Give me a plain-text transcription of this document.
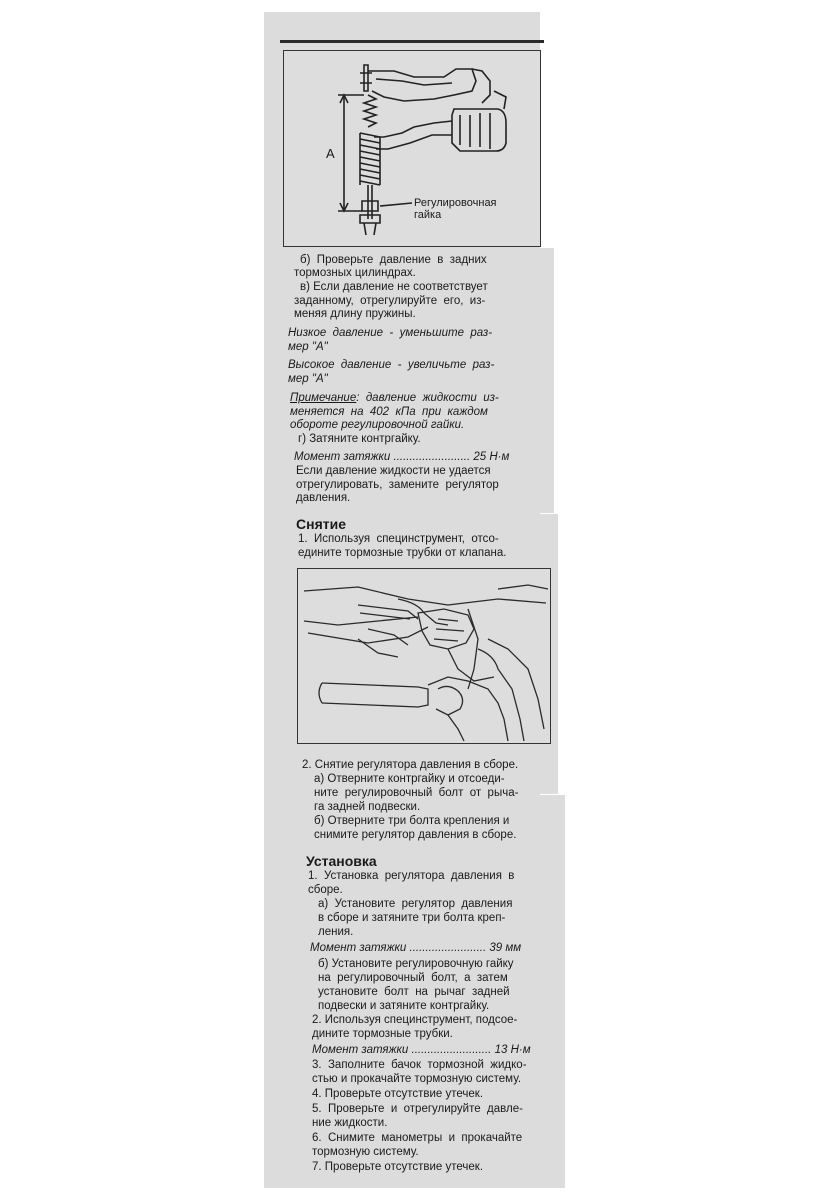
A
Регулировочная
гайка
б)  Проверьте  давление  в  задних
тормозных цилиндрах.
в) Если давление не соответствует
заданному,  отрегулируйте  его,  из-
меняя длину пружины.
Низкое  давление  -  уменьшите  раз-
мер "А"
Высокое  давление  -  увеличьте  раз-
мер "А"
Примечание:  давление  жидкости  из-
меняется  на  402  кПа  при  каждом
обороте регулировочной гайки.
г) Затяните контргайку.
Момент затяжки ........................ 25 Н·м
Если давление жидкости не удается
отрегулировать,  замените  регулятор
давления.
Снятие
1.  Используя  специнструмент,  отсо-
едините тормозные трубки от клапана.
2. Снятие регулятора давления в сборе.
а) Отверните контргайку и отсоеди-
ните  регулировочный  болт  от  рыча-
га задней подвески.
б) Отверните три болта крепления и
снимите регулятор давления в сборе.
Установка
1.  Установка  регулятора  давления  в
сборе.
а)  Установите  регулятор  давления
в сборе и затяните три болта креп-
ления.
Момент затяжки ........................ 39 мм
б) Установите регулировочную гайку
на  регулировочный  болт,  а  затем
установите  болт  на  рычаг  задней
подвески и затяните контргайку.
2. Используя специнструмент, подсое-
дините тормозные трубки.
Момент затяжки ......................... 13 Н·м
3.  Заполните  бачок  тормозной  жидко-
стью и прокачайте тормозную систему.
4. Проверьте отсутствие утечек.
5.  Проверьте  и  отрегулируйте  давле-
ние жидкости.
6.  Снимите  манометры  и  прокачайте
тормозную систему.
7. Проверьте отсутствие утечек.
